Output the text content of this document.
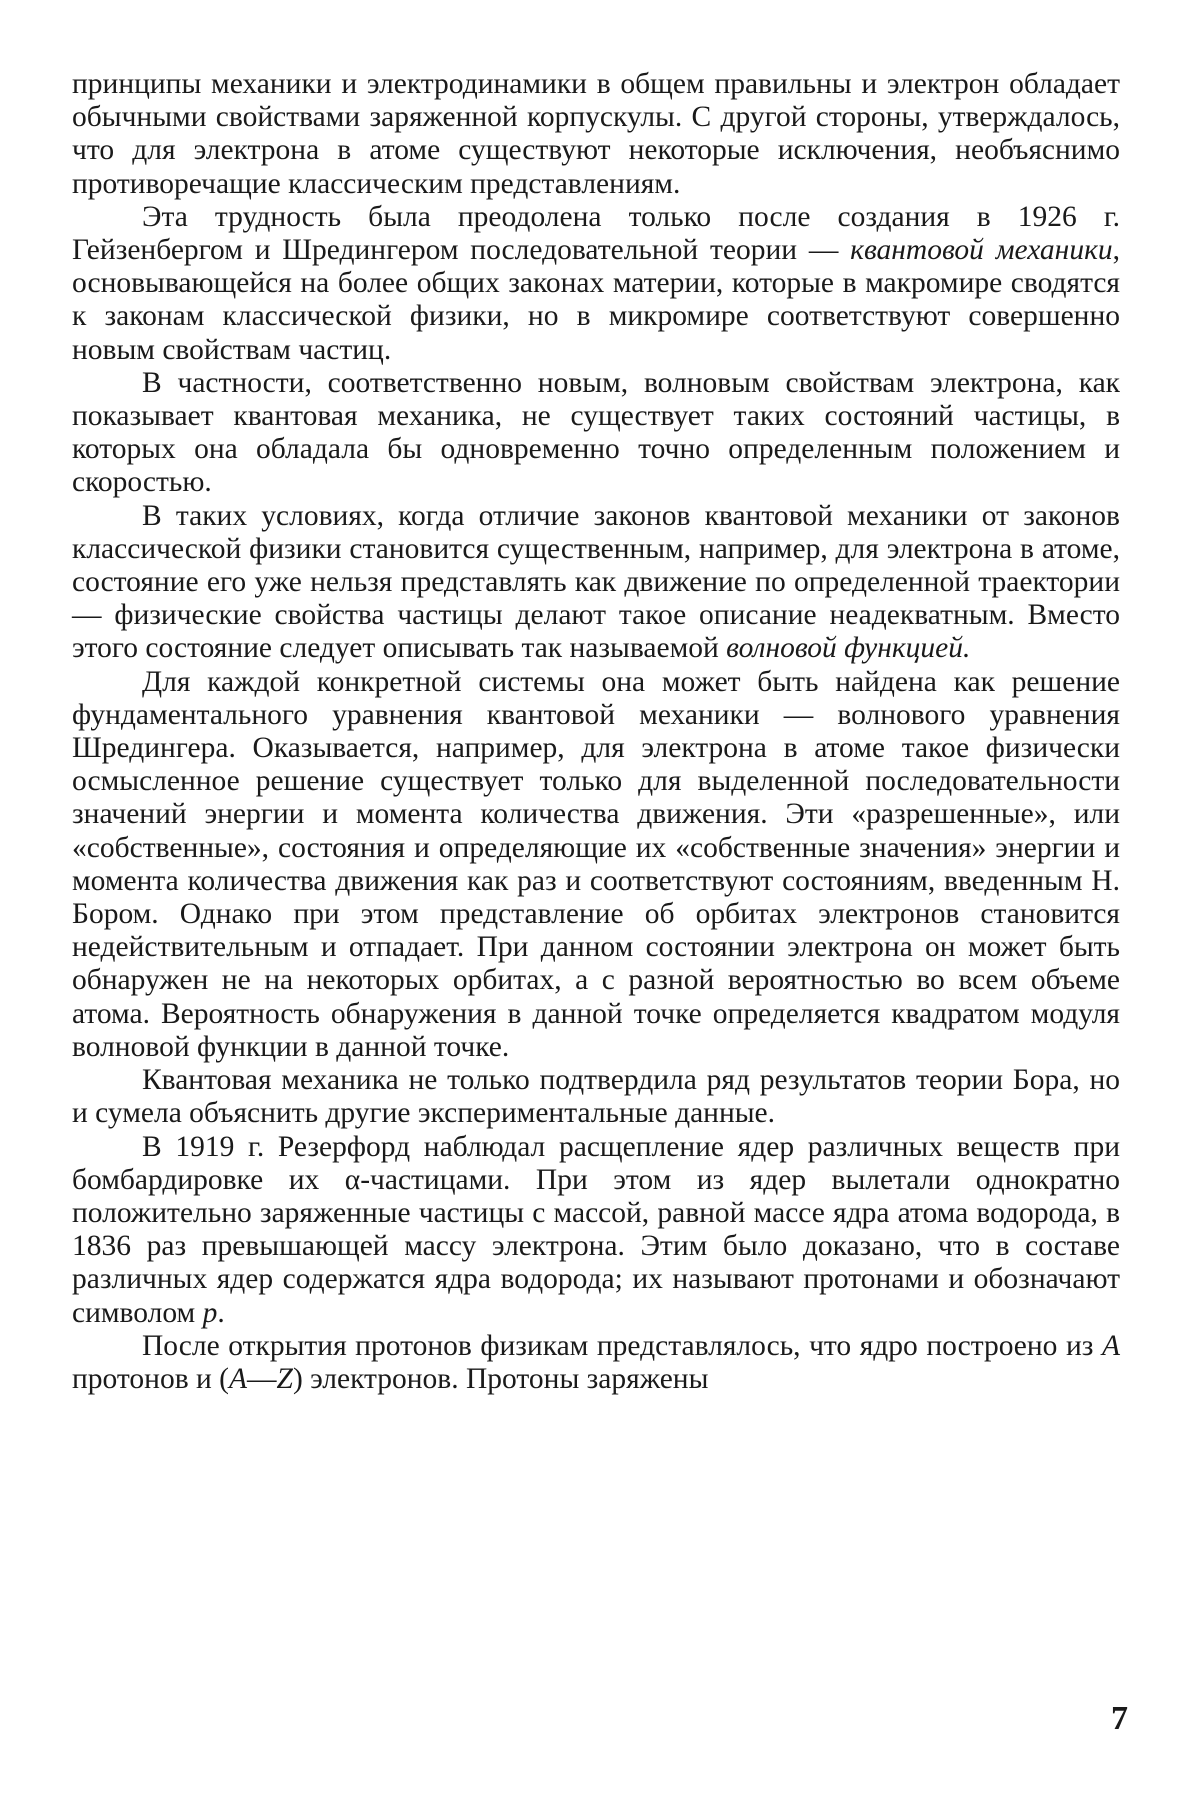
принципы механики и электродинамики в общем правильны и электрон обладает обычными свойствами заряженной корпускулы. С другой стороны, утверждалось, что для электрона в атоме существуют некоторые исключения, необъяснимо противоречащие классическим представлениям.

Эта трудность была преодолена только после создания в 1926 г. Гейзенбергом и Шредингером последовательной теории — квантовой механики, основывающейся на более общих законах материи, которые в макромире сводятся к законам классической физики, но в микромире соответствуют совершенно новым свойствам частиц.

В частности, соответственно новым, волновым свойствам электрона, как показывает квантовая механика, не существует таких состояний частицы, в которых она обладала бы одновременно точно определенным положением и скоростью.

В таких условиях, когда отличие законов квантовой механики от законов классической физики становится существенным, например, для электрона в атоме, состояние его уже нельзя представлять как движение по определенной траектории — физические свойства частицы делают такое описание неадекватным. Вместо этого состояние следует описывать так называемой волновой функцией.

Для каждой конкретной системы она может быть найдена как решение фундаментального уравнения квантовой механики — волнового уравнения Шредингера. Оказывается, например, для электрона в атоме такое физически осмысленное решение существует только для выделенной последовательности значений энергии и момента количества движения. Эти «разрешенные», или «собственные», состояния и определяющие их «собственные значения» энергии и момента количества движения как раз и соответствуют состояниям, введенным Н. Бором. Однако при этом представление об орбитах электронов становится недействительным и отпадает. При данном состоянии электрона он может быть обнаружен не на некоторых орбитах, а с разной вероятностью во всем объеме атома. Вероятность обнаружения в данной точке определяется квадратом модуля волновой функции в данной точке.

Квантовая механика не только подтвердила ряд результатов теории Бора, но и сумела объяснить другие экспериментальные данные.

В 1919 г. Резерфорд наблюдал расщепление ядер различных веществ при бомбардировке их α-частицами. При этом из ядер вылетали однократно положительно заряженные частицы с массой, равной массе ядра атома водорода, в 1836 раз превышающей массу электрона. Этим было доказано, что в составе различных ядер содержатся ядра водорода; их называют протонами и обозначают символом p.

После открытия протонов физикам представлялось, что ядро построено из A протонов и (A—Z) электронов. Протоны заряжены

7
